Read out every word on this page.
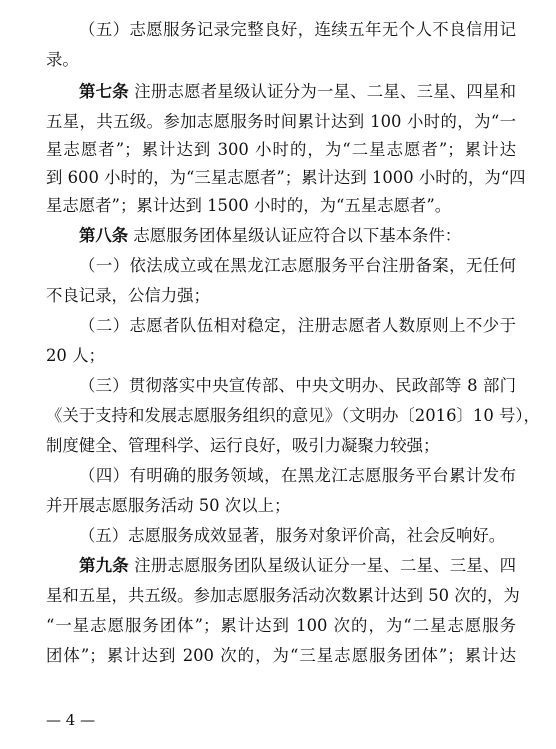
（五）志愿服务记录完整良好，连续五年无个人不良信用记
录。
第七条 注册志愿者星级认证分为一星、二星、三星、四星和
五星，共五级。参加志愿服务时间累计达到 100 小时的，为“一
星志愿者”；累计达到 300 小时的，为“二星志愿者”；累计达
到 600 小时的，为“三星志愿者”；累计达到 1000 小时的，为“四
星志愿者”；累计达到 1500 小时的，为“五星志愿者”。
第八条 志愿服务团体星级认证应符合以下基本条件：
（一）依法成立或在黑龙江志愿服务平台注册备案，无任何
不良记录，公信力强；
（二）志愿者队伍相对稳定，注册志愿者人数原则上不少于
20 人；
（三）贯彻落实中央宣传部、中央文明办、民政部等 8 部门
《关于支持和发展志愿服务组织的意见》（文明办〔2016〕10 号），
制度健全、管理科学、运行良好，吸引力凝聚力较强；
（四）有明确的服务领域，在黑龙江志愿服务平台累计发布
并开展志愿服务活动 50 次以上；
（五）志愿服务成效显著，服务对象评价高，社会反响好。
第九条 注册志愿服务团队星级认证分一星、二星、三星、四
星和五星，共五级。参加志愿服务活动次数累计达到 50 次的，为
— 4 —
“一星志愿服务团体”；累计达到 100 次的，为“二星志愿服务
团体”；累计达到 200 次的，为“三星志愿服务团体”；累计达
